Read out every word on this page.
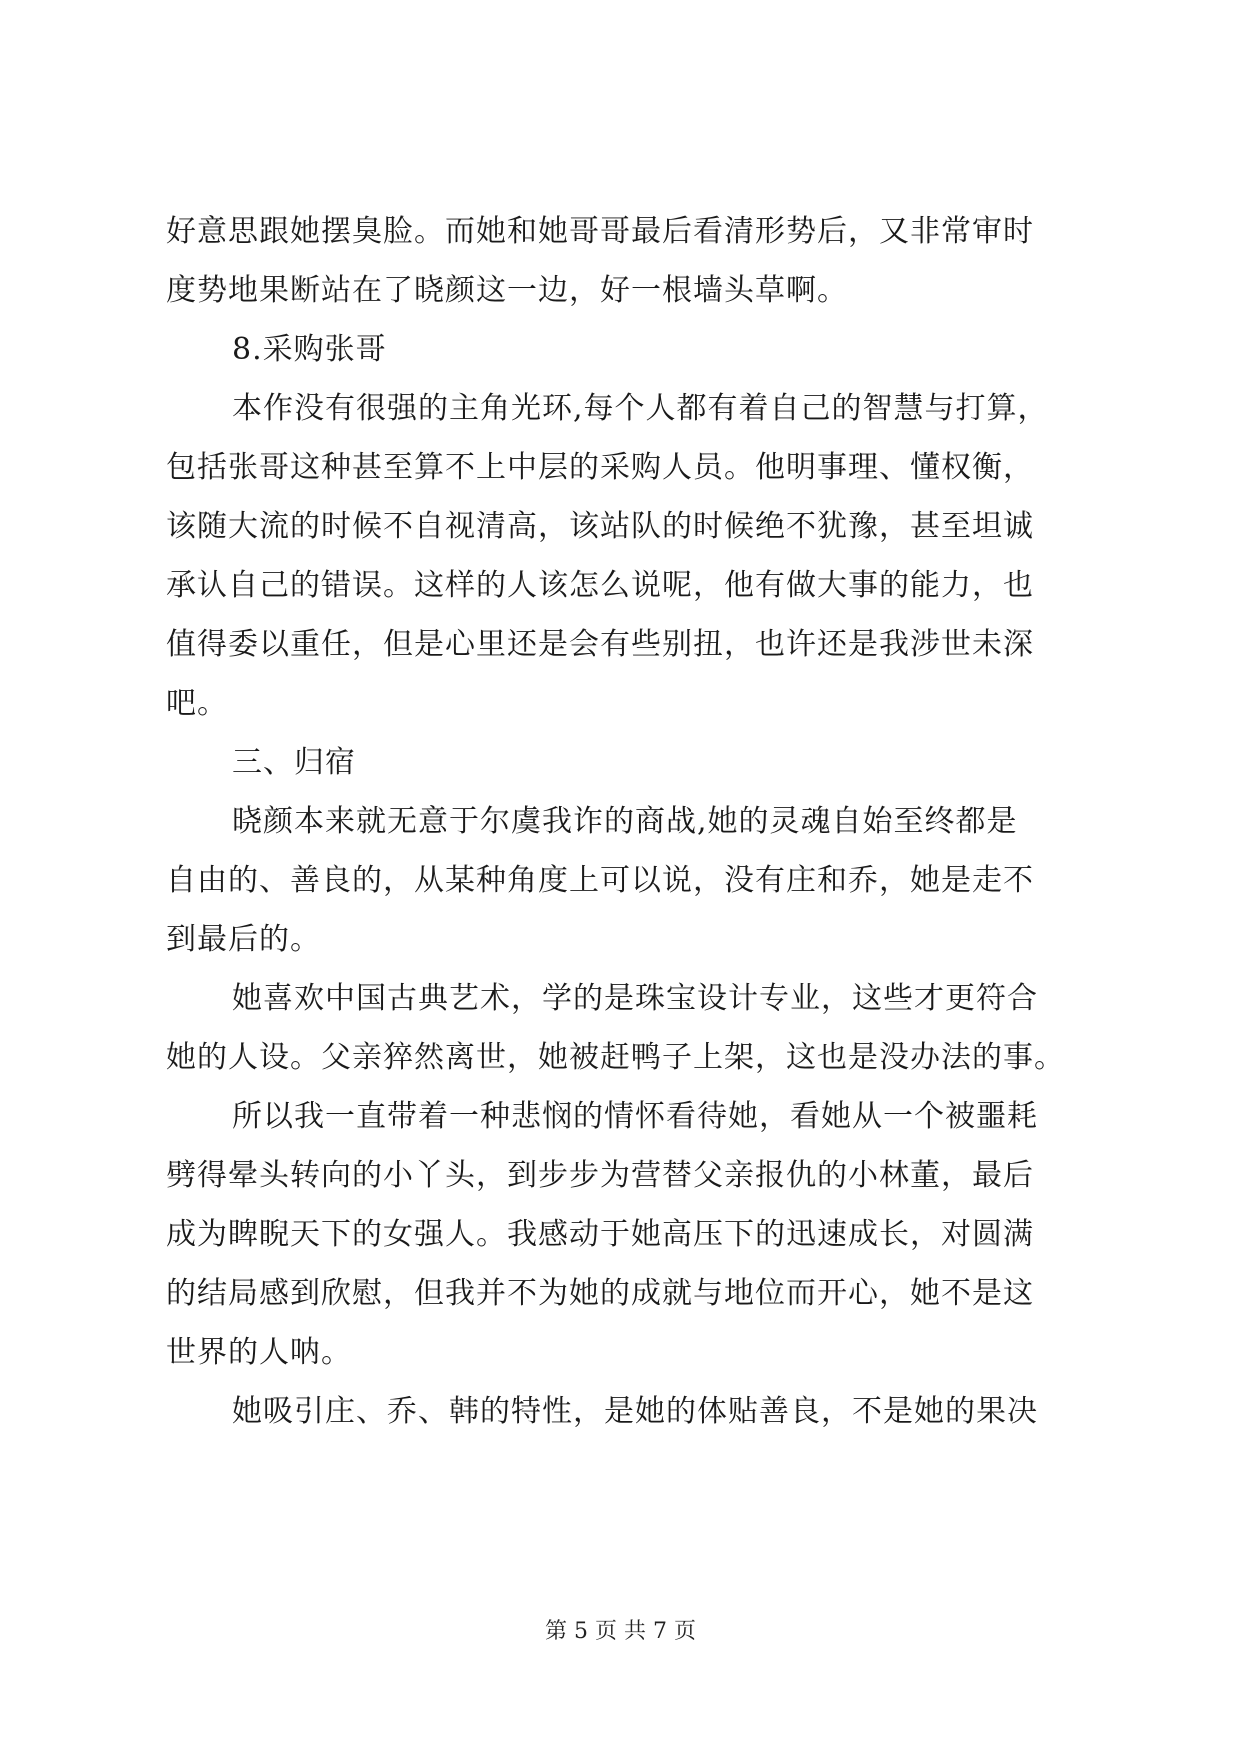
好意思跟她摆臭脸。而她和她哥哥最后看清形势后，又非常审时

度势地果断站在了晓颜这一边，好一根墙头草啊。

8.采购张哥

本作没有很强的主角光环,每个人都有着自己的智慧与打算，

包括张哥这种甚至算不上中层的采购人员。他明事理、懂权衡，

该随大流的时候不自视清高，该站队的时候绝不犹豫，甚至坦诚

承认自己的错误。这样的人该怎么说呢，他有做大事的能力，也

值得委以重任，但是心里还是会有些别扭，也许还是我涉世未深

吧。

三、归宿

晓颜本来就无意于尔虞我诈的商战,她的灵魂自始至终都是

自由的、善良的，从某种角度上可以说，没有庄和乔，她是走不

到最后的。

她喜欢中国古典艺术，学的是珠宝设计专业，这些才更符合

她的人设。父亲猝然离世，她被赶鸭子上架，这也是没办法的事。

所以我一直带着一种悲悯的情怀看待她，看她从一个被噩耗

劈得晕头转向的小丫头，到步步为营替父亲报仇的小林董，最后

成为睥睨天下的女强人。我感动于她高压下的迅速成长，对圆满

的结局感到欣慰，但我并不为她的成就与地位而开心，她不是这

世界的人呐。

她吸引庄、乔、韩的特性，是她的体贴善良，不是她的果决

第 5 页 共 7 页
